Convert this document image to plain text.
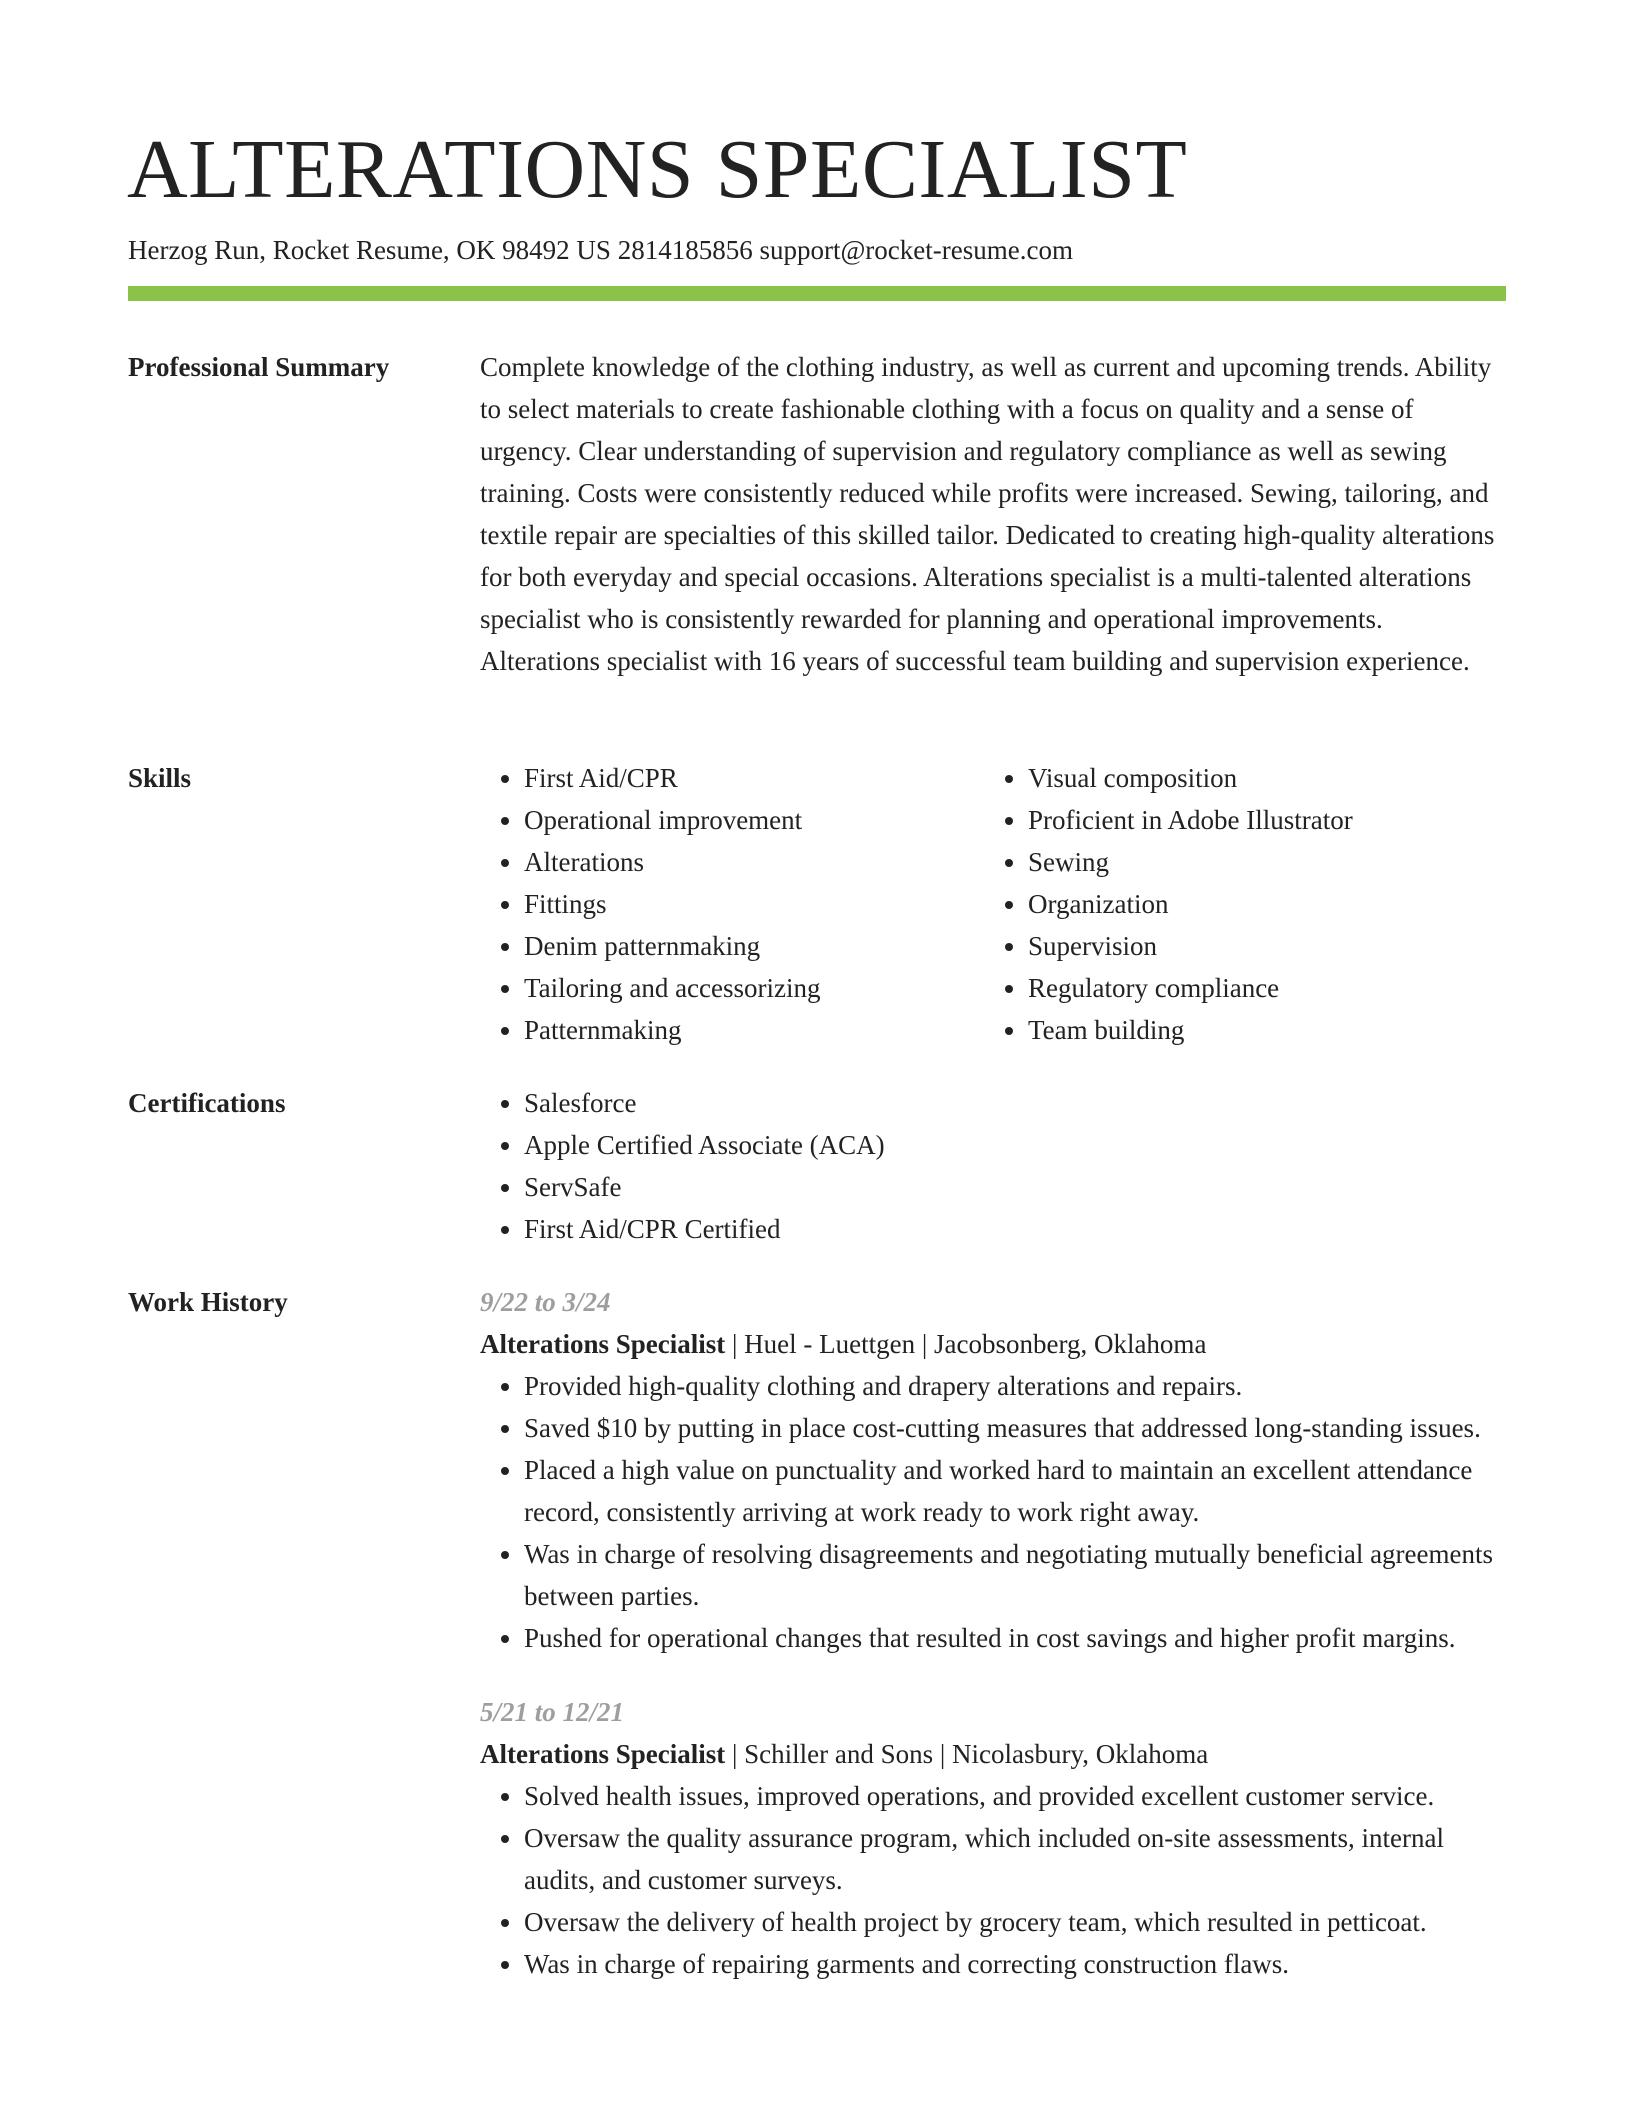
ALTERATIONS SPECIALIST
Herzog Run, Rocket Resume, OK 98492 US 2814185856 support@rocket-resume.com
Professional Summary	Complete knowledge of the clothing industry, as well as current and upcoming trends. Ability to select materials to create fashionable clothing with a focus on quality and a sense of urgency. Clear understanding of supervision and regulatory compliance as well as sewing training. Costs were consistently reduced while profits were increased. Sewing, tailoring, and textile repair are specialties of this skilled tailor. Dedicated to creating high-quality alterations for both everyday and special occasions. Alterations specialist is a multi-talented alterations specialist who is consistently rewarded for planning and operational improvements. Alterations specialist with 16 years of successful team building and supervision experience.

Skills	• First Aid/CPR
• Operational improvement
• Alterations
• Fittings
• Denim patternmaking
• Tailoring and accessorizing
• Patternmaking
• Visual composition
• Proficient in Adobe Illustrator
• Sewing
• Organization
• Supervision
• Regulatory compliance
• Team building
Certifications	• Salesforce
• Apple Certified Associate (ACA)
• ServSafe
• First Aid/CPR Certified
Work History	9/22 to 3/24
Alterations Specialist | Huel - Luettgen | Jacobsonberg, Oklahoma
• Provided high-quality clothing and drapery alterations and repairs.
• Saved $10 by putting in place cost-cutting measures that addressed long-standing issues.
• Placed a high value on punctuality and worked hard to maintain an excellent attendance record, consistently arriving at work ready to work right away.
• Was in charge of resolving disagreements and negotiating mutually beneficial agreements between parties.
• Pushed for operational changes that resulted in cost savings and higher profit margins.
5/21 to 12/21
Alterations Specialist | Schiller and Sons | Nicolasbury, Oklahoma
• Solved health issues, improved operations, and provided excellent customer service.
• Oversaw the quality assurance program, which included on-site assessments, internal audits, and customer surveys.
• Oversaw the delivery of health project by grocery team, which resulted in petticoat.
• Was in charge of repairing garments and correcting construction flaws.
